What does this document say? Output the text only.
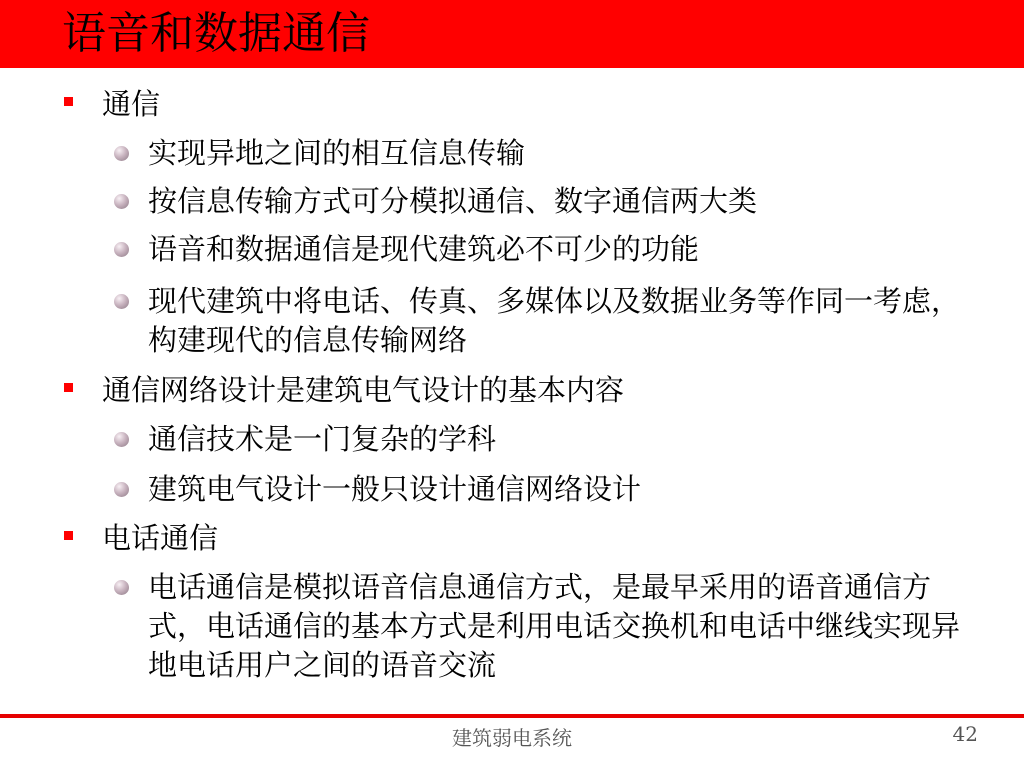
语音和数据通信
通信
实现异地之间的相互信息传输
按信息传输方式可分模拟通信、数字通信两大类
语音和数据通信是现代建筑必不可少的功能
现代建筑中将电话、传真、多媒体以及数据业务等作同一考虑，构建现代的信息传输网络
通信网络设计是建筑电气设计的基本内容
通信技术是一门复杂的学科
建筑电气设计一般只设计通信网络设计
电话通信
电话通信是模拟语音信息通信方式，是最早采用的语音通信方式，电话通信的基本方式是利用电话交换机和电话中继线实现异地电话用户之间的语音交流
建筑弱电系统	42
